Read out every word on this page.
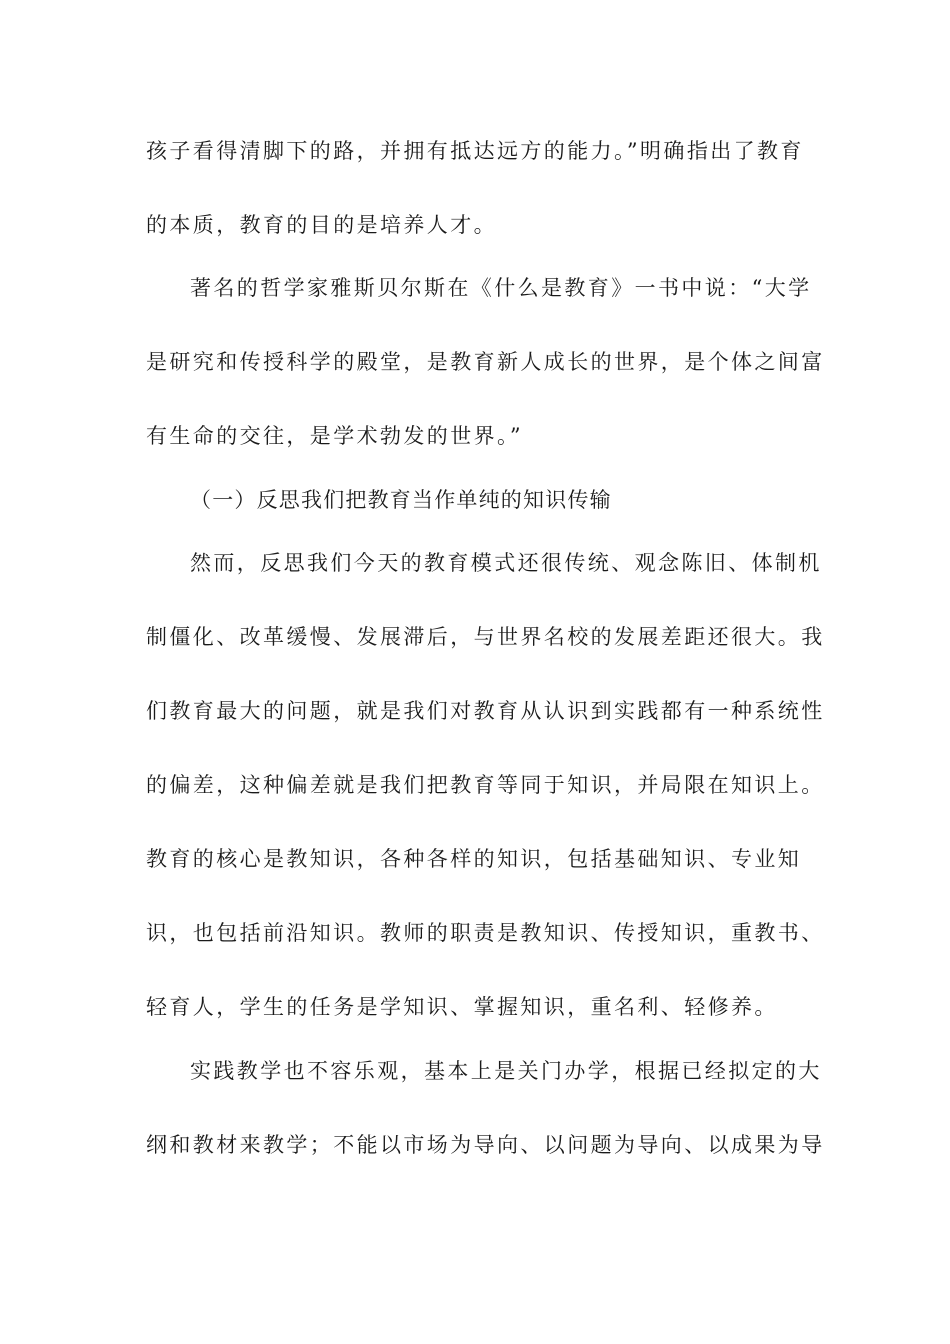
孩子看得清脚下的路，并拥有抵达远方的能力。”明确指出了教育
的本质，教育的目的是培养人才。
著名的哲学家雅斯贝尔斯在《什么是教育》一书中说：“大学
是研究和传授科学的殿堂，是教育新人成长的世界，是个体之间富
有生命的交往，是学术勃发的世界。”
（一）反思我们把教育当作单纯的知识传输
然而，反思我们今天的教育模式还很传统、观念陈旧、体制机
制僵化、改革缓慢、发展滞后，与世界名校的发展差距还很大。我
们教育最大的问题，就是我们对教育从认识到实践都有一种系统性
的偏差，这种偏差就是我们把教育等同于知识，并局限在知识上。
教育的核心是教知识，各种各样的知识，包括基础知识、专业知
识，也包括前沿知识。教师的职责是教知识、传授知识，重教书、
轻育人，学生的任务是学知识、掌握知识，重名利、轻修养。
实践教学也不容乐观，基本上是关门办学，根据已经拟定的大
纲和教材来教学；不能以市场为导向、以问题为导向、以成果为导
